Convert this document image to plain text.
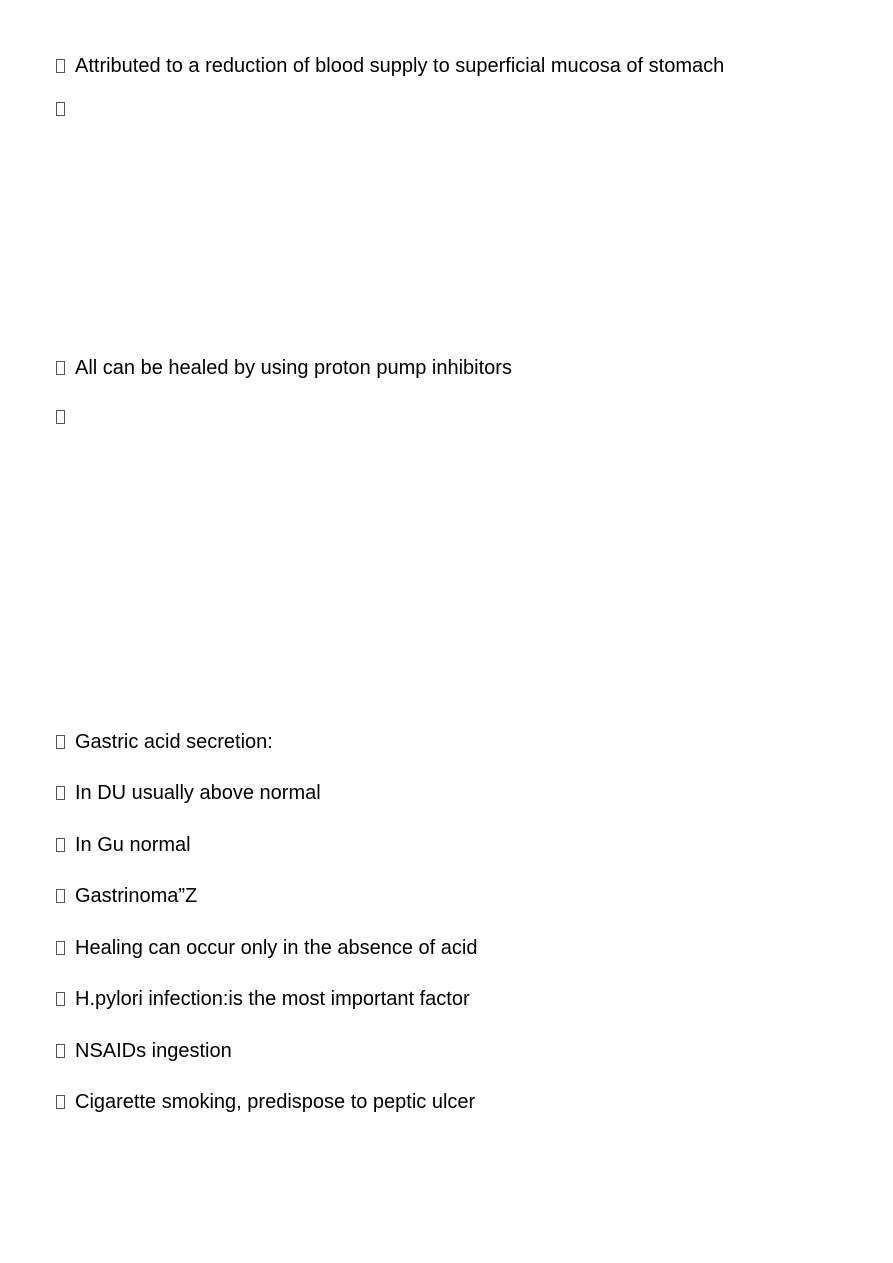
Attributed to a reduction of blood supply to superficial mucosa of stomach
All can be healed by using proton pump inhibitors
Gastric acid secretion:
In DU usually above normal
In Gu normal
Gastrinoma”Z
Healing can occur only in the absence of acid
H.pylori infection:is the most important factor
NSAIDs ingestion
Cigarette smoking, predispose to peptic ulcer
